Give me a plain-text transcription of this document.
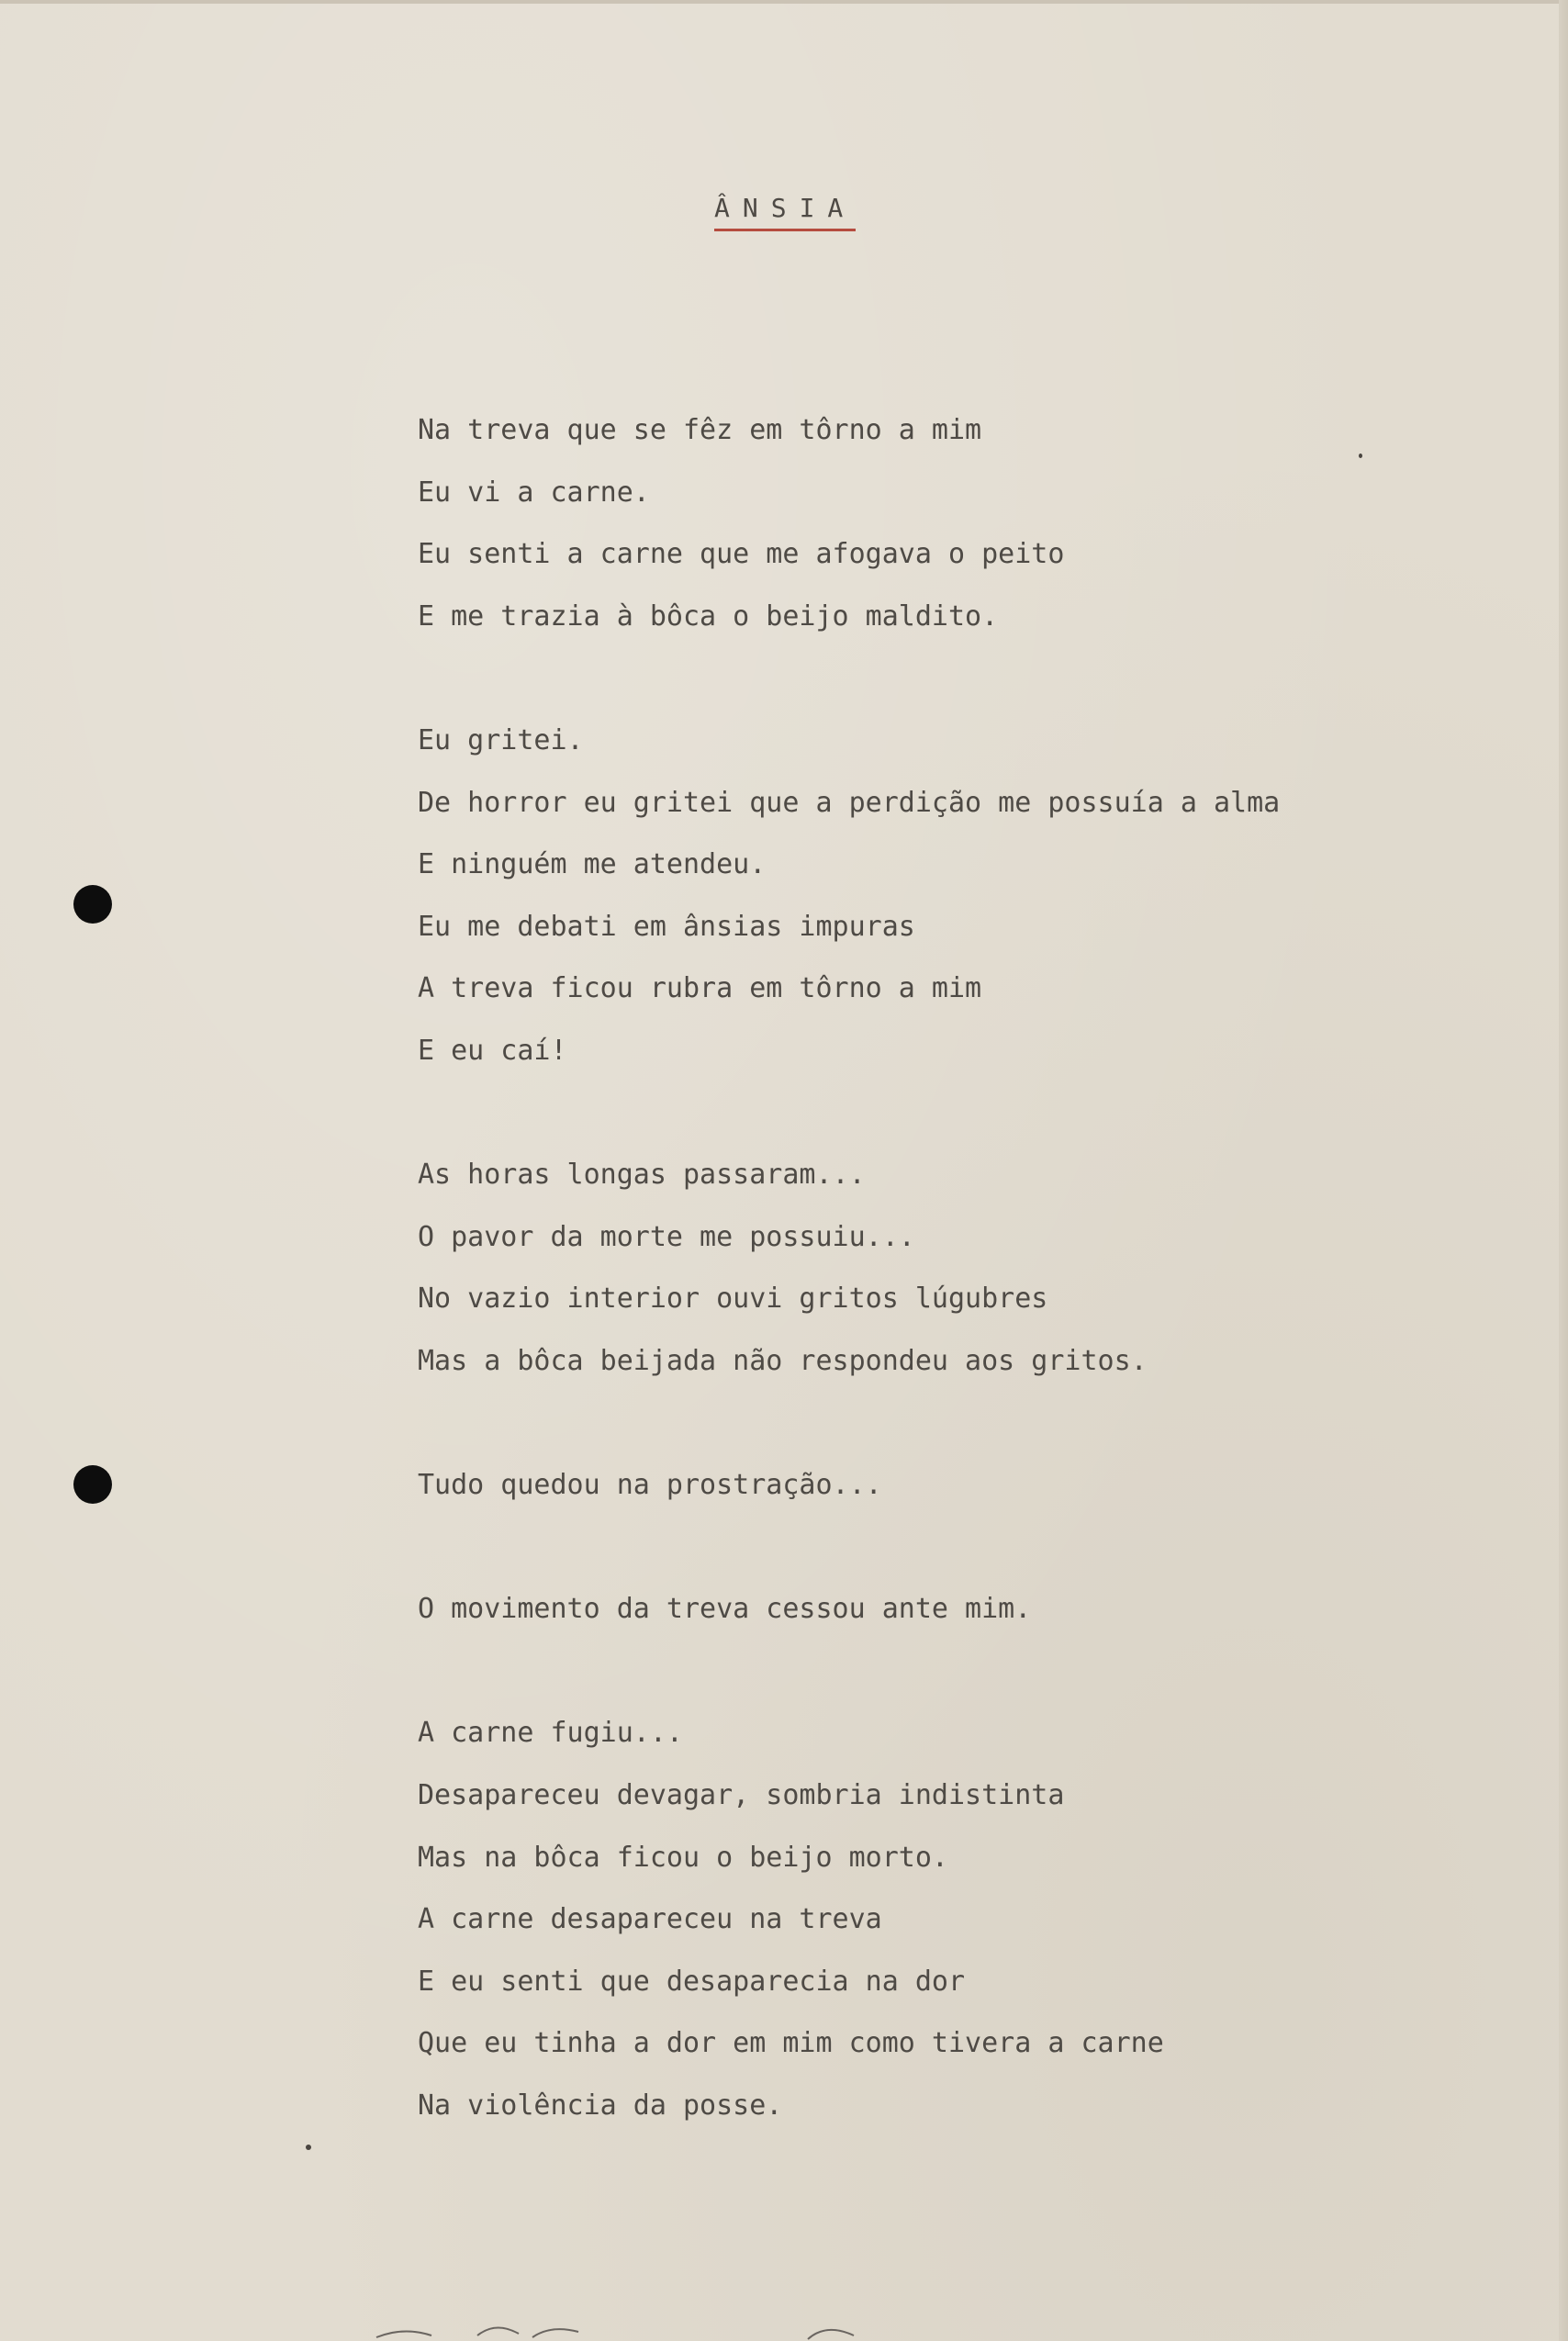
ÂNSIA
Na treva que se fêz em tôrno a mim
Eu vi a carne.
Eu senti a carne que me afogava o peito
E me trazia à bôca o beijo maldito.
Eu gritei.
De horror eu gritei que a perdição me possuía a alma
E ninguém me atendeu.
Eu me debati em ânsias impuras
A treva ficou rubra em tôrno a mim
E eu caí!
As horas longas passaram...
O pavor da morte me possuiu...
No vazio interior ouvi gritos lúgubres
Mas a bôca beijada não respondeu aos gritos.
Tudo quedou na prostração...
O movimento da treva cessou ante mim.
A carne fugiu...
Desapareceu devagar, sombria indistinta
Mas na bôca ficou o beijo morto.
A carne desapareceu na treva
E eu senti que desaparecia na dor
Que eu tinha a dor em mim como tivera a carne
Na violência da posse.
